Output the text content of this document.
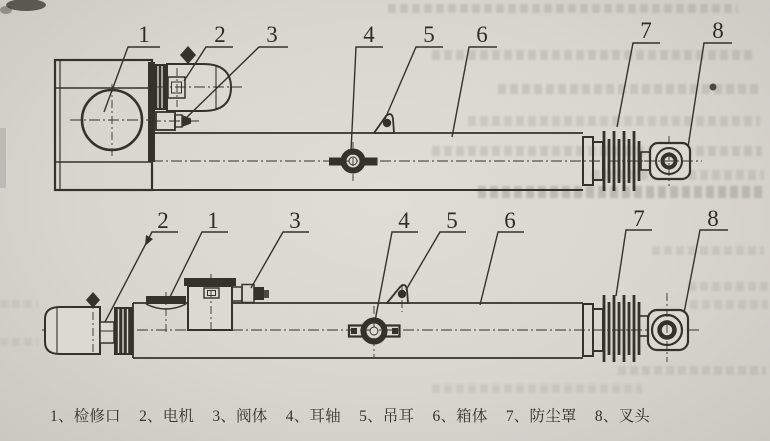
1	2 3	4 5 6	7	8
2 1	3	4 5 6	7	8
1、检修口 2、电机 3、阀体 4、耳轴 5、吊耳 6、箱体 7、防尘罩 8、叉头
